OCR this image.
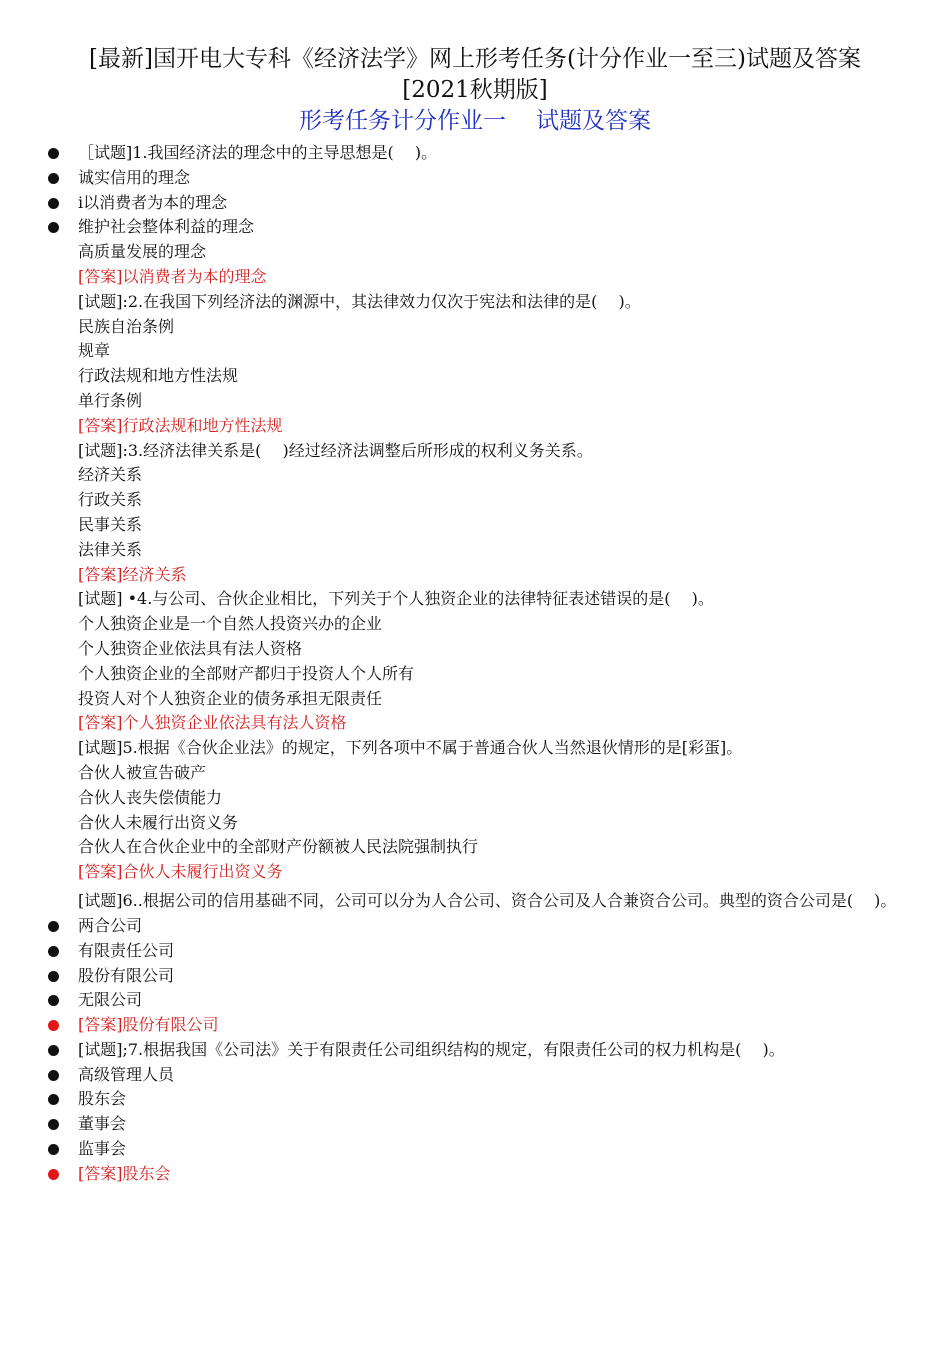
[最新]国开电大专科《经济法学》网上形考任务(计分作业一至三)试题及答案
[2021秋期版]
形考任务计分作业一 试题及答案
［试题]1.我国经济法的理念中的主导思想是(　 )。
诚实信用的理念
i以消费者为本的理念
维护社会整体利益的理念
高质量发展的理念
[答案]以消费者为本的理念
[试题]:2.在我国下列经济法的渊源中，其法律效力仅次于宪法和法律的是(　 )。
民族自治条例
规章
行政法规和地方性法规
单行条例
[答案]行政法规和地方性法规
[试题]:3.经济法律关系是(　 )经过经济法调整后所形成的权利义务关系。
经济关系
行政关系
民事关系
法律关系
[答案]经济关系
[试题] •4.与公司、合伙企业相比，下列关于个人独资企业的法律特征表述错误的是(　 )。
个人独资企业是一个自然人投资兴办的企业
个人独资企业依法具有法人资格
个人独资企业的全部财产都归于投资人个人所有
投资人对个人独资企业的债务承担无限责任
[答案]个人独资企业依法具有法人资格
[试题]5.根据《合伙企业法》的规定，下列各项中不属于普通合伙人当然退伙情形的是[彩蛋]。
合伙人被宣告破产
合伙人丧失偿债能力
合伙人未履行出资义务
合伙人在合伙企业中的全部财产份额被人民法院强制执行
[答案]合伙人未履行出资义务
[试题]6..根据公司的信用基础不同，公司可以分为人合公司、资合公司及人合兼资合公司。典型的资合公司是(　 )。
两合公司
有限责任公司
股份有限公司
无限公司
[答案]股份有限公司
[试题];7.根据我国《公司法》关于有限责任公司组织结构的规定，有限责任公司的权力机构是(　 )。
高级管理人员
股东会
董事会
监事会
[答案]股东会
